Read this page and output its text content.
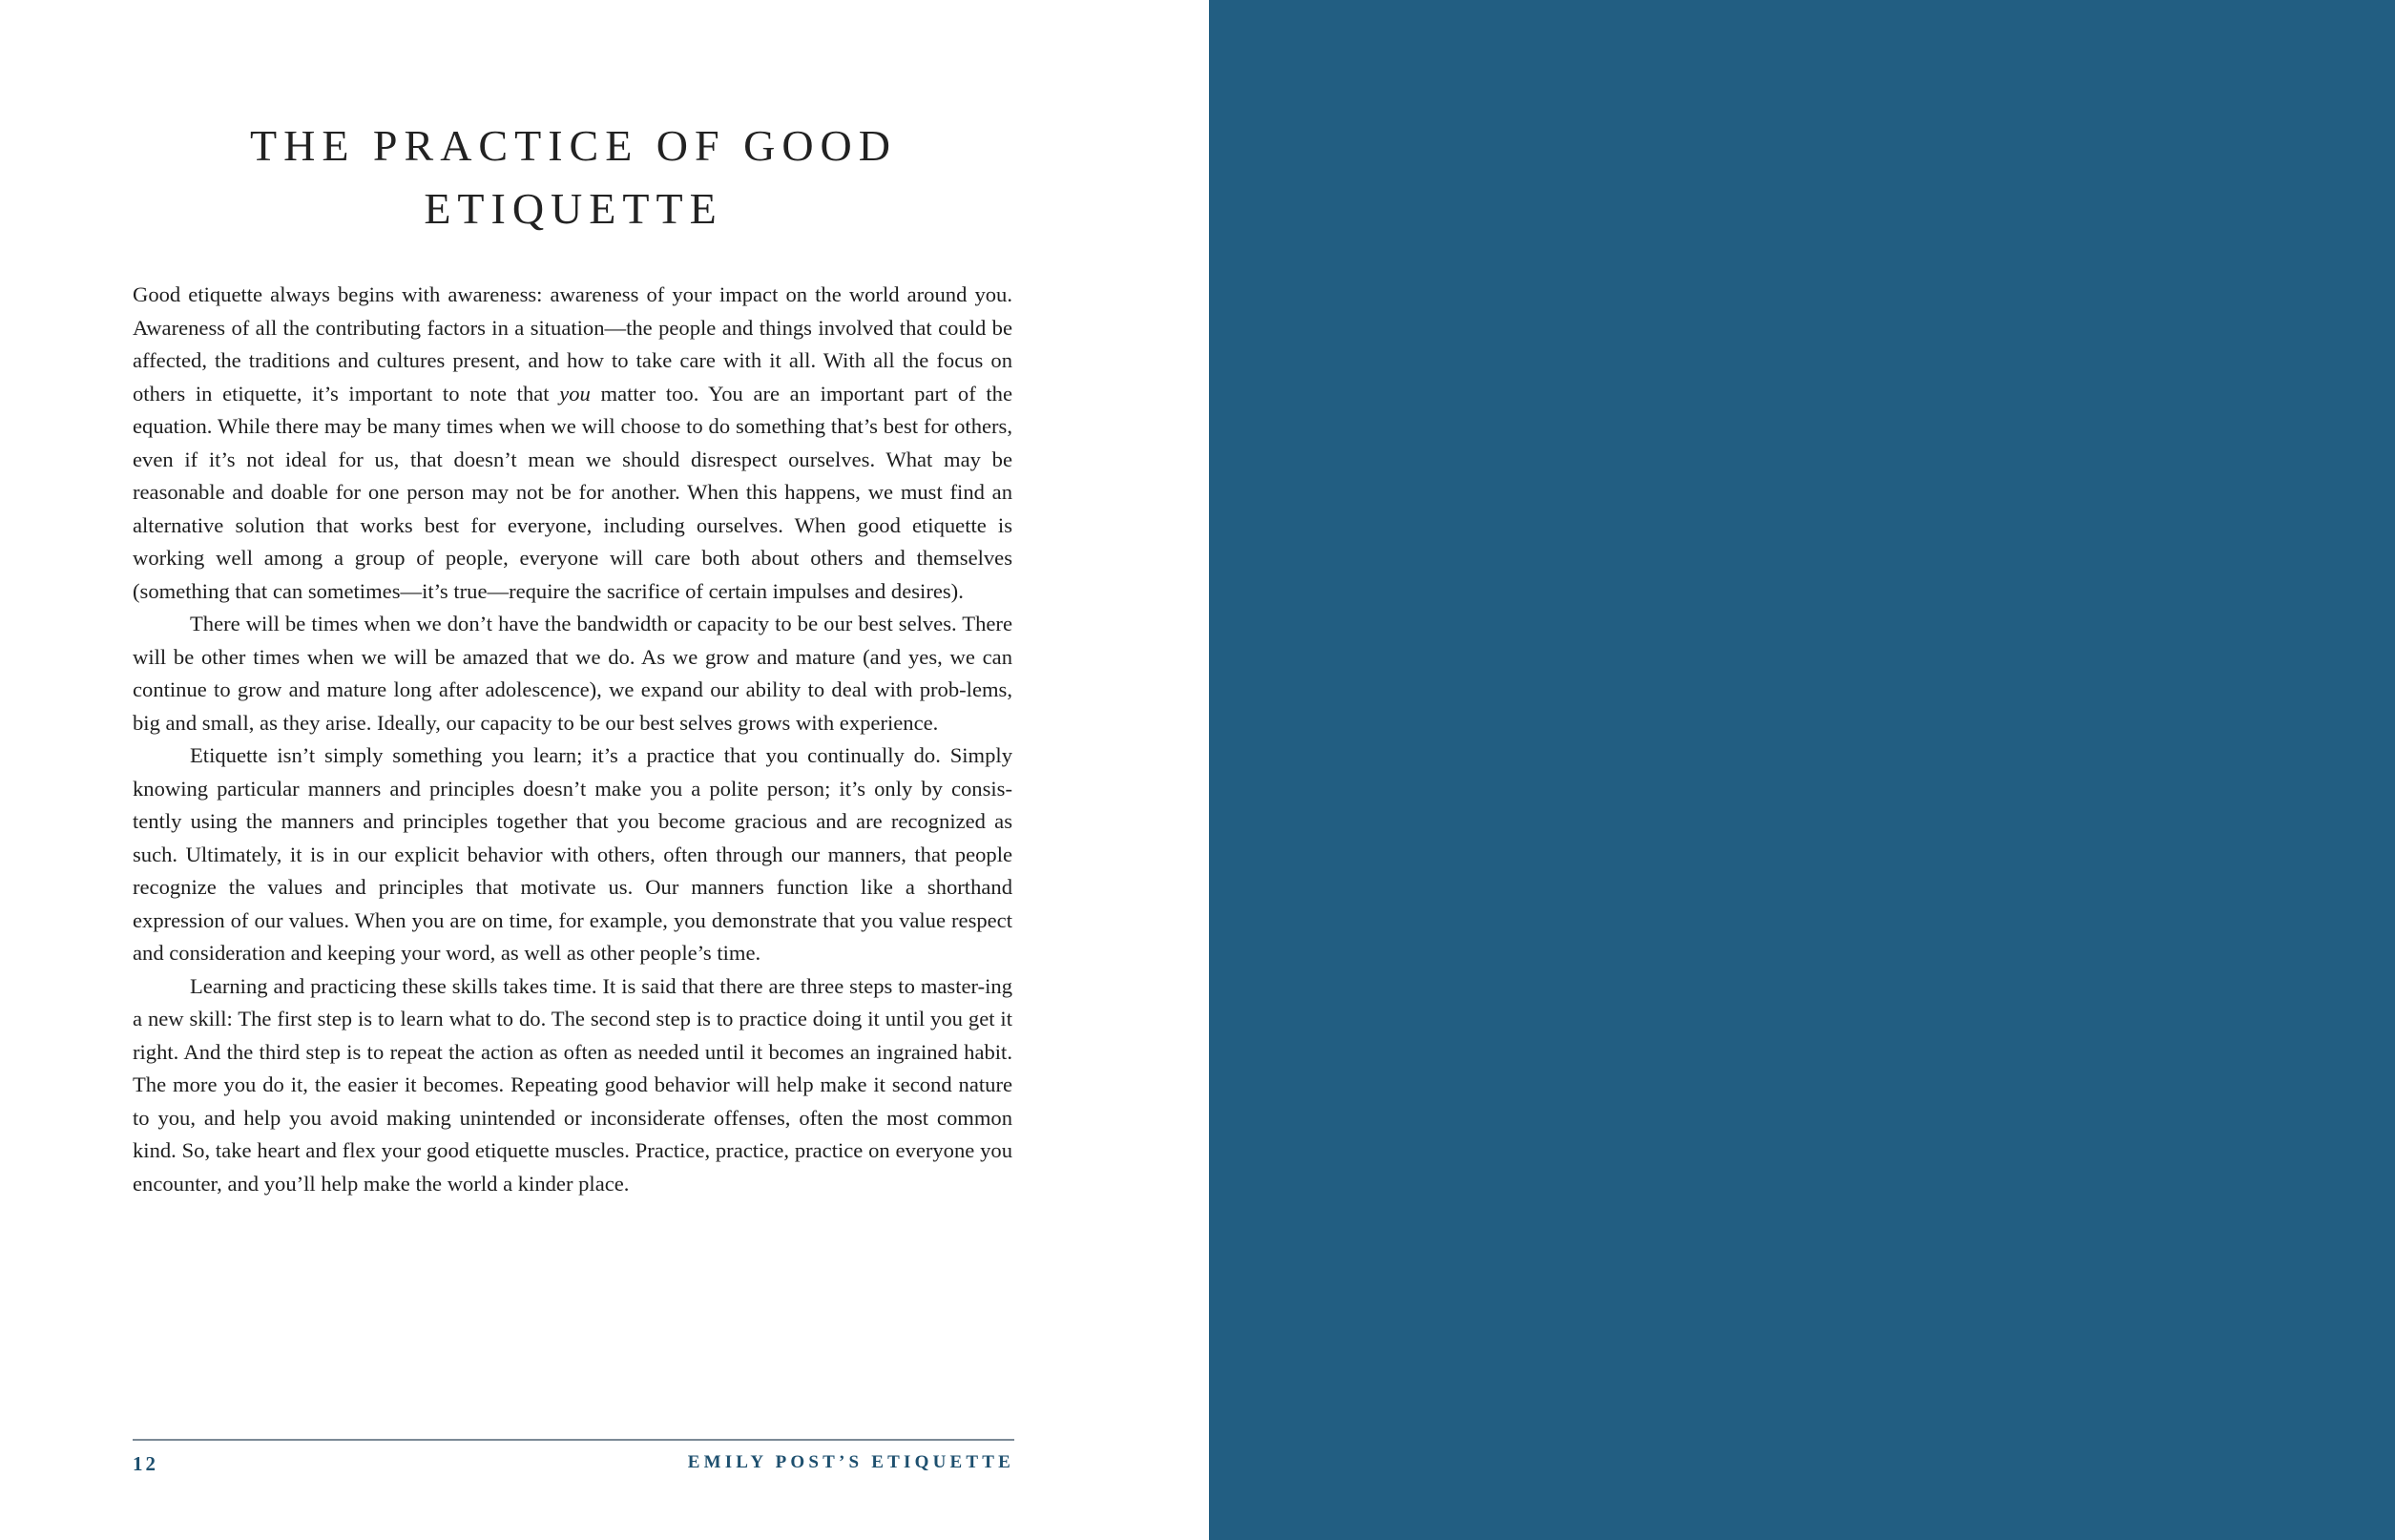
THE PRACTICE OF GOOD
ETIQUETTE

Good etiquette always begins with awareness: awareness of your impact on the world around you. Awareness of all the contributing factors in a situation—the people and things involved that could be affected, the traditions and cultures present, and how to take care with it all. With all the focus on others in etiquette, it’s important to note that you matter too. You are an important part of the equation. While there may be many times when we will choose to do something that’s best for others, even if it’s not ideal for us, that doesn’t mean we should disrespect ourselves. What may be reasonable and doable for one person may not be for another. When this happens, we must find an alternative solution that works best for everyone, including ourselves. When good etiquette is working well among a group of people, everyone will care both about others and themselves (something that can sometimes—it’s true—require the sacrifice of certain impulses and desires).

There will be times when we don’t have the bandwidth or capacity to be our best selves. There will be other times when we will be amazed that we do. As we grow and mature (and yes, we can continue to grow and mature long after adolescence), we expand our ability to deal with prob-lems, big and small, as they arise. Ideally, our capacity to be our best selves grows with experience.

Etiquette isn’t simply something you learn; it’s a practice that you continually do. Simply knowing particular manners and principles doesn’t make you a polite person; it’s only by consis-tently using the manners and principles together that you become gracious and are recognized as such. Ultimately, it is in our explicit behavior with others, often through our manners, that people recognize the values and principles that motivate us. Our manners function like a shorthand expression of our values. When you are on time, for example, you demonstrate that you value respect and consideration and keeping your word, as well as other people’s time.

Learning and practicing these skills takes time. It is said that there are three steps to master-ing a new skill: The first step is to learn what to do. The second step is to practice doing it until you get it right. And the third step is to repeat the action as often as needed until it becomes an ingrained habit. The more you do it, the easier it becomes. Repeating good behavior will help make it second nature to you, and help you avoid making unintended or inconsiderate offenses, often the most common kind. So, take heart and flex your good etiquette muscles. Practice, practice, practice on everyone you encounter, and you’ll help make the world a kinder place.

12	EMILY POST’S ETIQUETTE
